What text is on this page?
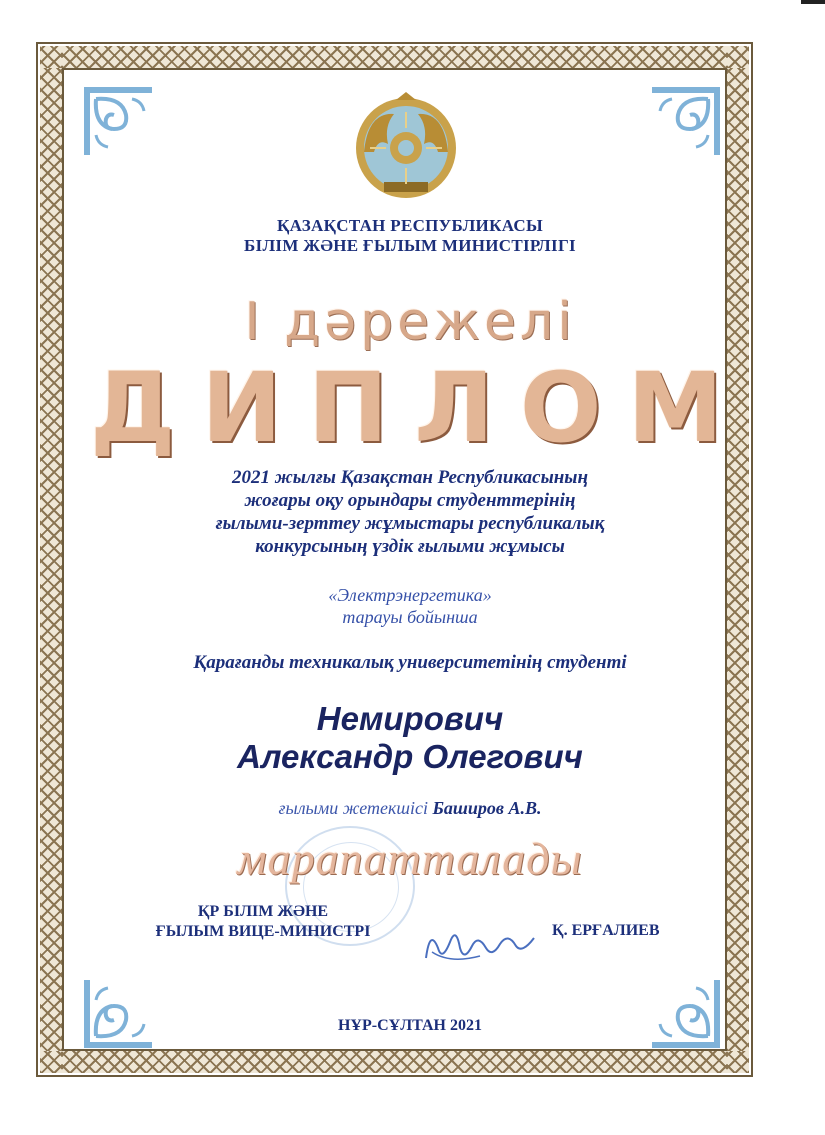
ҚАЗАҚСТАН РЕСПУБЛИКАСЫ
БІЛІМ ЖӘНЕ ҒЫЛЫМ МИНИСТІРЛІГІ
I дәрежелі
ДИПЛОМ
2021 жылғы Қазақстан Республикасының
жоғары оқу орындары студенттерінің
ғылыми-зерттеу жұмыстары республикалық
конкурсының үздік ғылыми жұмысы
«Электрэнергетика»
тарауы бойынша
Қарағанды техникалық университетінің студенті
Немирович
Александр Олегович
ғылыми жетекшісі Баширов А.В.
марапатталады
ҚР БІЛІМ ЖӘНЕ
ҒЫЛЫМ ВИЦЕ-МИНИСТРІ	Қ. ЕРҒАЛИЕВ
НҰР-СҰЛТАН 2021
